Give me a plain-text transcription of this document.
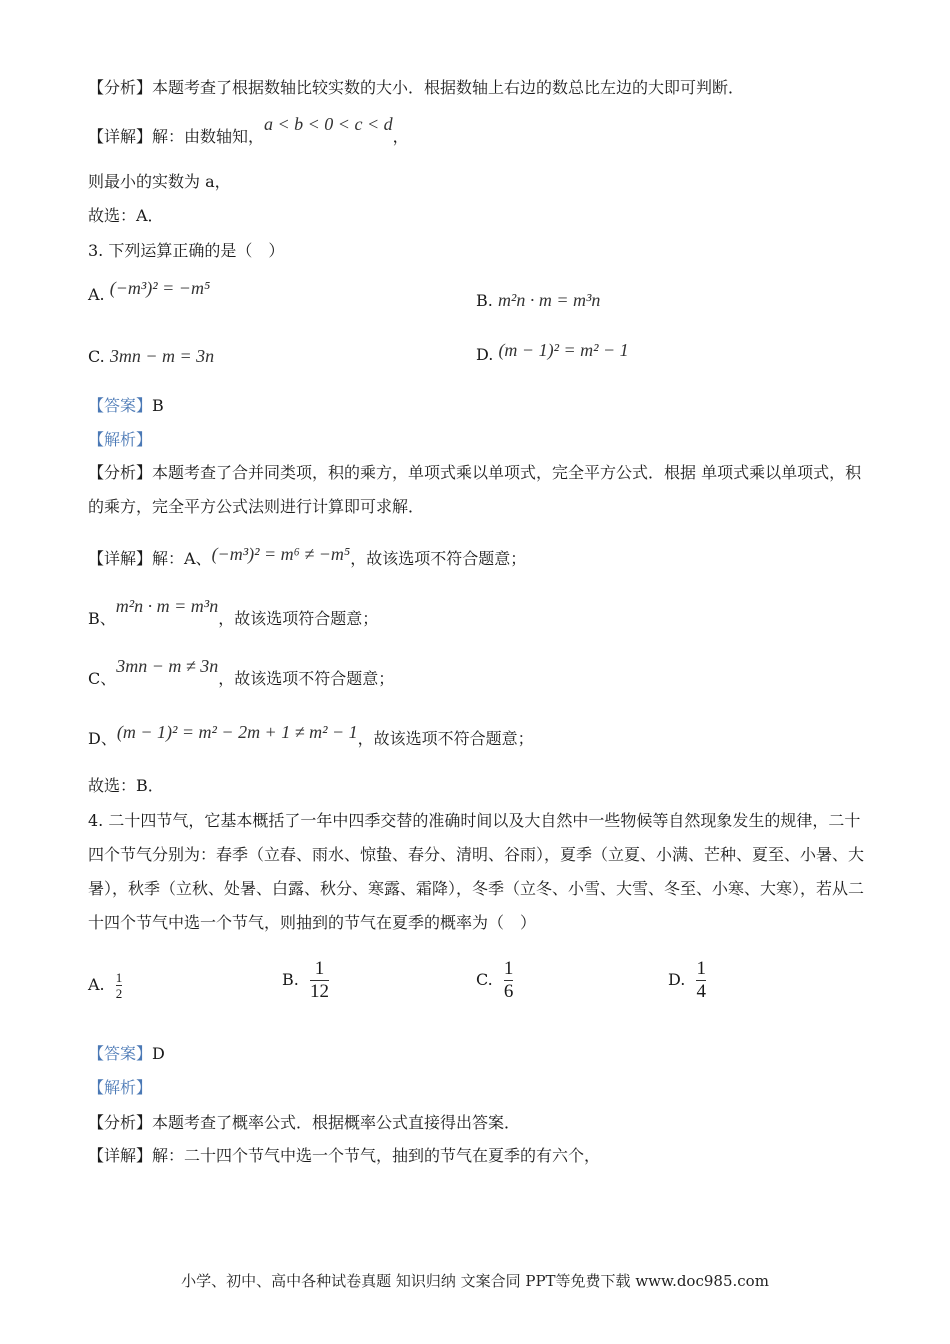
【分析】本题考查了根据数轴比较实数的大小．根据数轴上右边的数总比左边的大即可判断．
【详解】解：由数轴知，a < b < 0 < c < d，
则最小的实数为 a，
故选：A．
3. 下列运算正确的是（　）
A. (−m³)² = −m⁵
B. m²n · m = m³n
C. 3mn − m = 3n	D. (m − 1)² = m² − 1
【答案】B
【解析】
【分析】本题考查了合并同类项，积的乘方，单项式乘以单项式，完全平方公式．根据 单项式乘以单项式，积的乘方，完全平方公式法则进行计算即可求解．
【详解】解：A、(−m³)² = m⁶ ≠ −m⁵，故该选项不符合题意；
B、m²n · m = m³n，故该选项符合题意；
C、3mn − m ≠ 3n，故该选项不符合题意；
D、(m − 1)² = m² − 2m + 1 ≠ m² − 1，故该选项不符合题意；
故选：B．
4. 二十四节气，它基本概括了一年中四季交替的准确时间以及大自然中一些物候等自然现象发生的规律，二十四个节气分别为：春季（立春、雨水、惊蛰、春分、清明、谷雨），夏季（立夏、小满、芒种、夏至、小暑、大暑），秋季（立秋、处暑、白露、秋分、寒露、霜降），冬季（立冬、小雪、大雪、冬至、小寒、大寒），若从二十四个节气中选一个节气，则抽到的节气在夏季的概率为（　）
A. $\frac{1}{2}$	B. $\frac{1}{12}$	C. $\frac{1}{6}$	D. $\frac{1}{4}$
【答案】D
【解析】
【分析】本题考查了概率公式．根据概率公式直接得出答案．
【详解】解：二十四个节气中选一个节气，抽到的节气在夏季的有六个，
小学、初中、高中各种试卷真题 知识归纳 文案合同 PPT等免费下载 www.doc985.com
